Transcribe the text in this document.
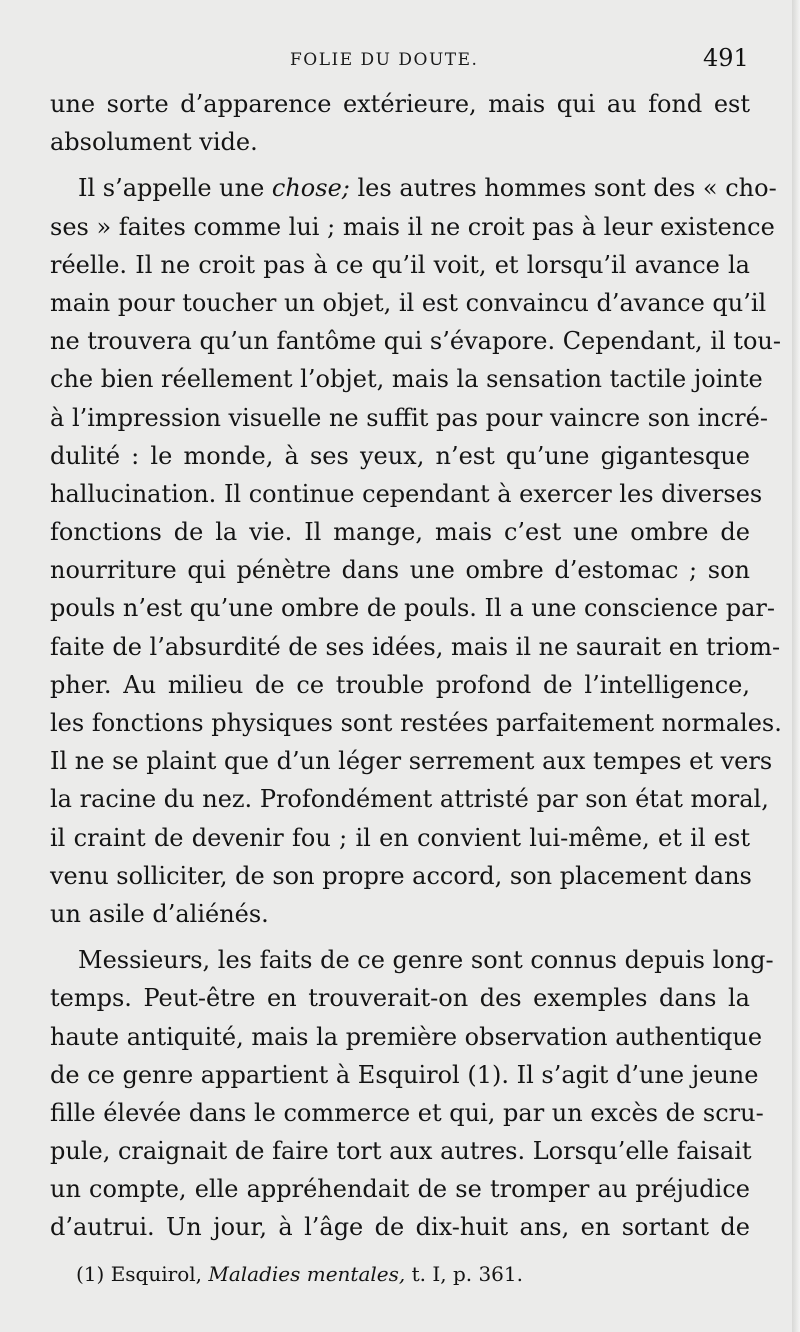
FOLIE DU DOUTE.	491
une sorte d’apparence extérieure, mais qui au fond est
absolument vide.
Il s’appelle une chose; les autres hommes sont des « cho-
ses » faites comme lui ; mais il ne croit pas à leur existence
réelle. Il ne croit pas à ce qu’il voit, et lorsqu’il avance la
main pour toucher un objet, il est convaincu d’avance qu’il
ne trouvera qu’un fantôme qui s’évapore. Cependant, il tou-
che bien réellement l’objet, mais la sensation tactile jointe
à l’impression visuelle ne suffit pas pour vaincre son incré-
dulité : le monde, à ses yeux, n’est qu’une gigantesque
hallucination. Il continue cependant à exercer les diverses
fonctions de la vie. Il mange, mais c’est une ombre de
nourriture qui pénètre dans une ombre d’estomac ; son
pouls n’est qu’une ombre de pouls. Il a une conscience par-
faite de l’absurdité de ses idées, mais il ne saurait en triom-
pher. Au milieu de ce trouble profond de l’intelligence,
les fonctions physiques sont restées parfaitement normales.
Il ne se plaint que d’un léger serrement aux tempes et vers
la racine du nez. Profondément attristé par son état moral,
il craint de devenir fou ; il en convient lui-même, et il est
venu solliciter, de son propre accord, son placement dans
un asile d’aliénés.
Messieurs, les faits de ce genre sont connus depuis long-
temps. Peut-être en trouverait-on des exemples dans la
haute antiquité, mais la première observation authentique
de ce genre appartient à Esquirol (1). Il s’agit d’une jeune
fille élevée dans le commerce et qui, par un excès de scru-
pule, craignait de faire tort aux autres. Lorsqu’elle faisait
un compte, elle appréhendait de se tromper au préjudice
d’autrui. Un jour, à l’âge de dix-huit ans, en sortant de
(1) Esquirol, Maladies mentales, t. I, p. 361.
